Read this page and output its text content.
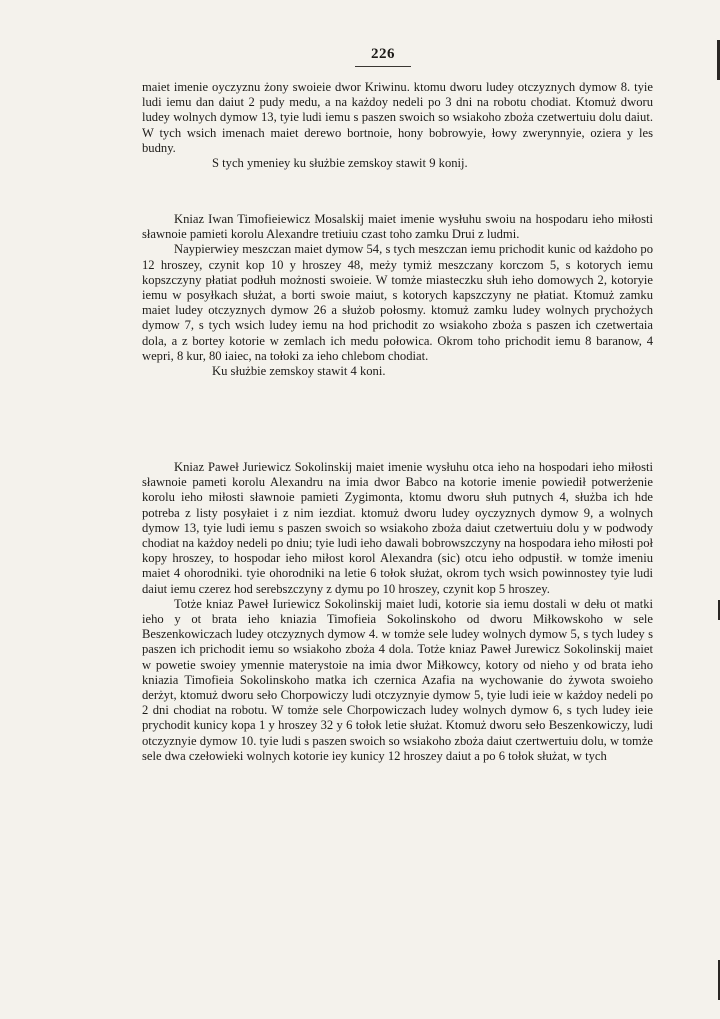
226

maiet imenie oyczyznu żony swoieie dwor Kriwinu. ktomu dworu ludey otczyznych dymow 8. tyie ludi iemu dan daiut 2 pudy medu, a na każdoy nedeli po 3 dni na robotu chodiat. Ktomuż dworu ludey wolnych dymow 13, tyie ludi iemu s paszen swoich so wsiakoho zboża czetwertuiu dolu daiut. W tych wsich imenach maiet derewo bortnoie, hony bobrowyie, łowy zwerynnyie, oziera y les budny.

S tych ymeniey ku służbie zemskoy stawit 9 konij.

Kniaz Iwan Timofieiewicz Mosalskij maiet imenie wysłuhu swoiu na hospodaru ieho miłosti sławnoie pamieti korolu Alexandre tretiuiu czast toho zamku Drui z ludmi.

Naypierwiey meszczan maiet dymow 54, s tych meszczan iemu prichodit kunic od każdoho po 12 hroszey, czynit kop 10 y hroszey 48, meży tymiż meszczany korczom 5, s kotorych iemu kopszczyny płatiat podłuh możnosti swoieie. W tomże miasteczku słuh ieho domowych 2, kotoryie iemu w posyłkach służat, a borti swoie maiut, s kotorych kapszczyny ne płatiat. Ktomuż zamku maiet ludey otczyznych dymow 26 a służob połosmy. ktomuż zamku ludey wolnych prychożych dymow 7, s tych wsich ludey iemu na hod prichodit zo wsiakoho zboża s paszen ich czetwertaia dola, a z bortey kotorie w zemlach ich medu połowica. Okrom toho prichodit iemu 8 baranow, 4 wepri, 8 kur, 80 iaiec, na tołoki za ieho chlebom chodiat.

Ku służbie zemskoy stawit 4 koni.

Kniaz Paweł Juriewicz Sokolinskij maiet imenie wysłuhu otca ieho na hospodari ieho miłosti sławnoie pameti korolu Alexandru na imia dwor Babco na kotorie imenie powiedił potwerżenie korolu ieho miłosti sławnoie pamieti Zygimonta, ktomu dworu słuh putnych 4, służba ich hde potreba z listy posyłaiet i z nim iezdiat. ktomuż dworu ludey oyczyznych dymow 9, a wolnych dymow 13, tyie ludi iemu s paszen swoich so wsiakoho zboża daiut czetwertuiu dolu y w podwody chodiat na każdoy nedeli po dniu; tyie ludi ieho dawali bobrowszczyny na hospodara ieho miłosti poł kopy hroszey, to hospodar ieho miłost korol Alexandra (sic) otcu ieho odpustił. w tomże imeniu maiet 4 ohorodniki. tyie ohorodniki na letie 6 tołok służat, okrom tych wsich powinnostey tyie ludi daiut iemu czerez hod serebszczyny z dymu po 10 hroszey, czynit kop 5 hroszey.

Totże kniaz Paweł Iuriewicz Sokolinskij maiet ludi, kotorie sia iemu dostali w dełu ot matki ieho y ot brata ieho kniazia Timofieia Sokolinskoho od dworu Miłkowskoho w sele Beszenkowiczach ludey otczyznych dymow 4. w tomże sele ludey wolnych dymow 5, s tych ludey s paszen ich prichodit iemu so wsiakoho zboża 4 dola. Totże kniaz Paweł Jurewicz Sokolinskij maiet w powetie swoiey ymennie materystoie na imia dwor Miłkowcy, kotory od nieho y od brata ieho kniazia Timofieia Sokolinskoho matka ich czernica Azafia na wychowanie do żywota swoieho derżyt, ktomuż dworu seło Chorpowiczy ludi otczyznyie dymow 5, tyie ludi ieie w każdoy nedeli po 2 dni chodiat na robotu. W tomże sele Chorpowiczach ludey wolnych dymow 6, s tych ludey ieie prychodit kunicy kopa 1 y hroszey 32 y 6 tołok letie służat. Ktomuż dworu seło Beszenkowiczy, ludi otczyznyie dymow 10. tyie ludi s paszen swoich so wsiakoho zboża daiut czertwertuiu dolu, w tomże sele dwa czełowieki wolnych kotorie iey kunicy 12 hroszey daiut a po 6 tołok służat, w tych
